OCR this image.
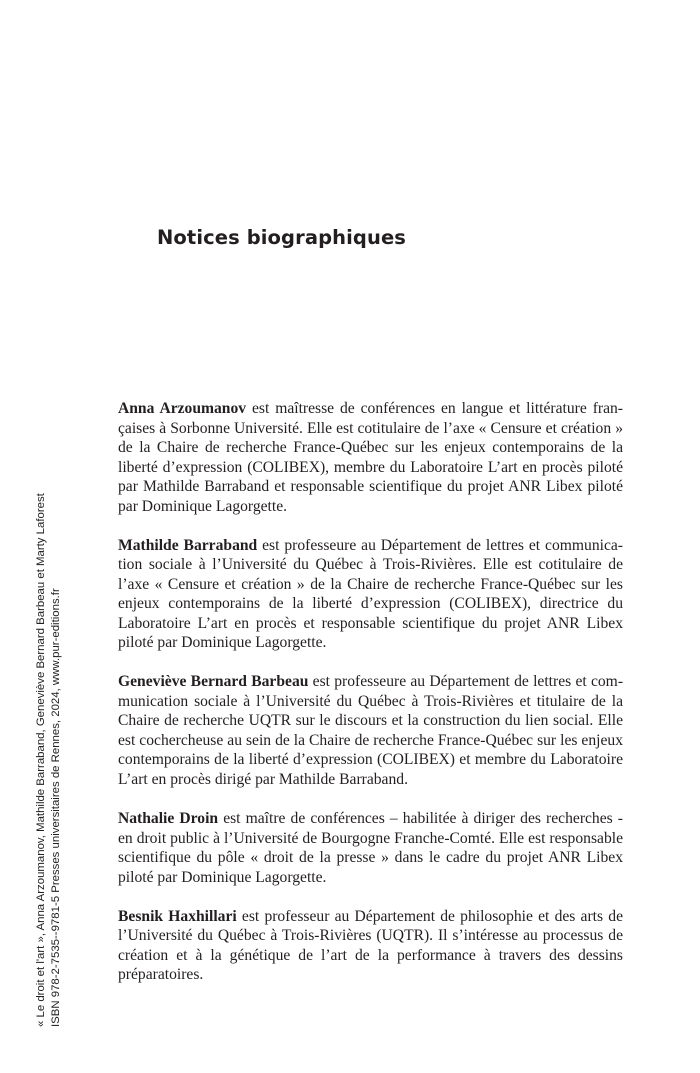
Notices biographiques

Anna Arzoumanov est maîtresse de conférences en langue et littérature françaises à Sorbonne Université. Elle est cotitulaire de l’axe « Censure et création » de la Chaire de recherche France-Québec sur les enjeux contemporains de la liberté d’expression (COLIBEX), membre du Laboratoire L’art en procès piloté par Mathilde Barraband et responsable scientifique du projet ANR Libex piloté par Dominique Lagorgette.

Mathilde Barraband est professeure au Département de lettres et communication sociale à l’Université du Québec à Trois-Rivières. Elle est cotitulaire de l’axe « Censure et création » de la Chaire de recherche France-Québec sur les enjeux contemporains de la liberté d’expression (COLIBEX), directrice du Laboratoire L’art en procès et responsable scientifique du projet ANR Libex piloté par Dominique Lagorgette.

Geneviève Bernard Barbeau est professeure au Département de lettres et communication sociale à l’Université du Québec à Trois-Rivières et titulaire de la Chaire de recherche UQTR sur le discours et la construction du lien social. Elle est cochercheuse au sein de la Chaire de recherche France-Québec sur les enjeux contemporains de la liberté d’expression (COLIBEX) et membre du Laboratoire L’art en procès dirigé par Mathilde Barraband.

Nathalie Droin est maître de conférences – habilitée à diriger des recherches - en droit public à l’Université de Bourgogne Franche-Comté. Elle est responsable scientifique du pôle « droit de la presse » dans le cadre du projet ANR Libex piloté par Dominique Lagorgette.

Besnik Haxhillari est professeur au Département de philosophie et des arts de l’Université du Québec à Trois-Rivières (UQTR). Il s’intéresse au processus de création et à la génétique de l’art de la performance à travers des dessins préparatoires.

« Le droit et l'art », Anna Arzoumanov, Mathilde Barraband, Geneviève Bernard Barbeau et Marty Laforest ISBN 978-2-7535--9781-5 Presses universitaires de Rennes, 2024, www.pur-editions.fr
